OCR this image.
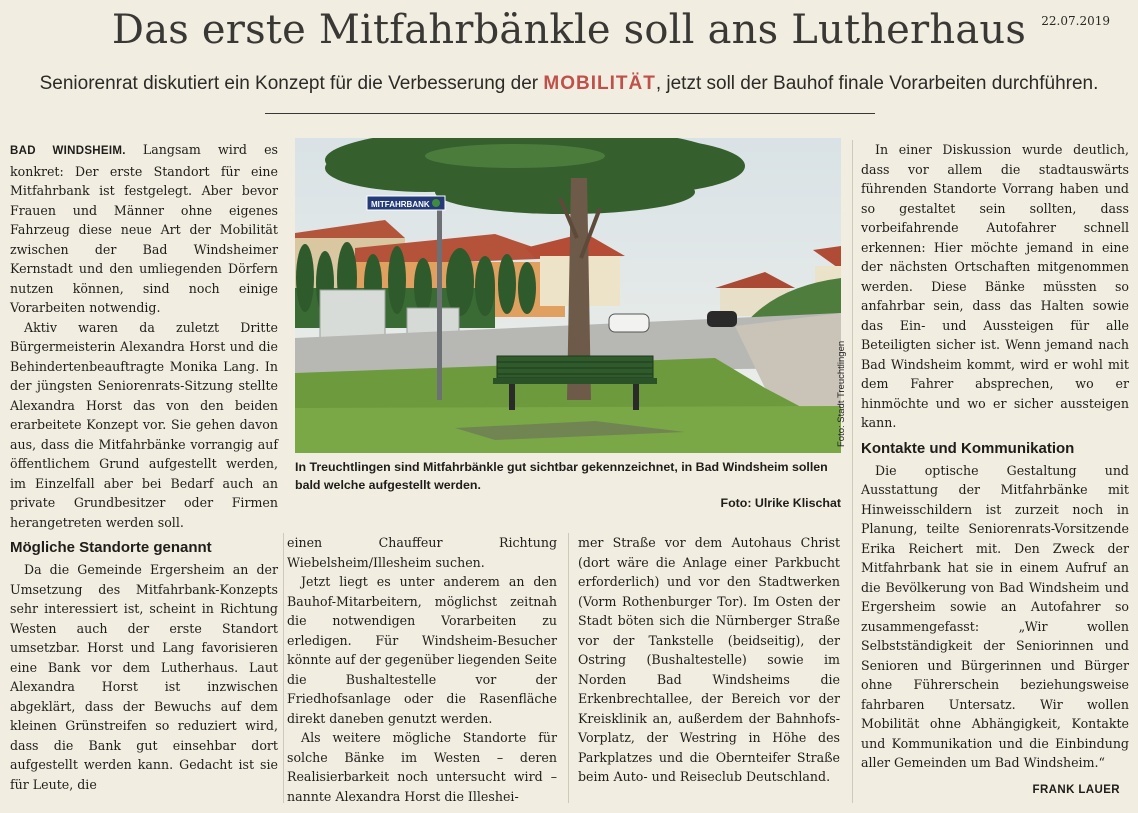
Das erste Mitfahrbänkle soll ans Lutherhaus	22.07.2019

Seniorenrat diskutiert ein Konzept für die Verbesserung der MOBILITÄT, jetzt soll der Bauhof finale Vorarbeiten durchführen.

BAD WINDSHEIM. Langsam wird es konkret: Der erste Standort für eine Mitfahrbank ist festgelegt. Aber bevor Frauen und Männer ohne eigenes Fahrzeug diese neue Art der Mobilität zwischen der Bad Windsheimer Kernstadt und den umliegenden Dörfern nutzen können, sind noch einige Vorarbeiten notwendig.

Aktiv waren da zuletzt Dritte Bürgermeisterin Alexandra Horst und die Behindertenbeauftragte Monika Lang. In der jüngsten Seniorenrats-Sitzung stellte Alexandra Horst das von den beiden erarbeitete Konzept vor. Sie gehen davon aus, dass die Mitfahrbänke vorrangig auf öffentlichem Grund aufgestellt werden, im Einzelfall aber bei Bedarf auch an private Grundbesitzer oder Firmen herangetreten werden soll.

Mögliche Standorte genannt

Da die Gemeinde Ergersheim an der Umsetzung des Mitfahrbank-Konzepts sehr interessiert ist, scheint in Richtung Westen auch der erste Standort umsetzbar. Horst und Lang favorisieren eine Bank vor dem Lutherhaus. Laut Alexandra Horst ist inzwischen abgeklärt, dass der Bewuchs auf dem kleinen Grünstreifen so reduziert wird, dass die Bank gut einsehbar dort aufgestellt werden kann. Gedacht ist sie für Leute, die

MITFAHRBANK
Foto: Stadt Treuchtlingen
In Treuchtlingen sind Mitfahrbänkle gut sichtbar gekennzeichnet, in Bad Windsheim sollen bald welche aufgestellt werden.
Foto: Ulrike Klischat

einen Chauffeur Richtung Wiebelsheim/Illesheim suchen.

Jetzt liegt es unter anderem an den Bauhof-Mitarbeitern, möglichst zeitnah die notwendigen Vorarbeiten zu erledigen. Für Windsheim-Besucher könnte auf der gegenüber liegenden Seite die Bushaltestelle vor der Friedhofsanlage oder die Rasenfläche direkt daneben genutzt werden.

Als weitere mögliche Standorte für solche Bänke im Westen – deren Realisierbarkeit noch untersucht wird – nannte Alexandra Horst die Illeshei-

mer Straße vor dem Autohaus Christ (dort wäre die Anlage einer Parkbucht erforderlich) und vor den Stadtwerken (Vorm Rothenburger Tor). Im Osten der Stadt böten sich die Nürnberger Straße vor der Tankstelle (beidseitig), der Ostring (Bushaltestelle) sowie im Norden Bad Windsheims die Erkenbrechtallee, der Bereich vor der Kreisklinik an, außerdem der Bahnhofs-Vorplatz, der Westring in Höhe des Parkplatzes und die Obernteifer Straße beim Auto- und Reiseclub Deutschland.

In einer Diskussion wurde deutlich, dass vor allem die stadtauswärts führenden Standorte Vorrang haben und so gestaltet sein sollten, dass vorbeifahrende Autofahrer schnell erkennen: Hier möchte jemand in eine der nächsten Ortschaften mitgenommen werden. Diese Bänke müssten so anfahrbar sein, dass das Halten sowie das Ein- und Aussteigen für alle Beteiligten sicher ist. Wenn jemand nach Bad Windsheim kommt, wird er wohl mit dem Fahrer absprechen, wo er hinmöchte und wo er sicher aussteigen kann.

Kontakte und Kommunikation

Die optische Gestaltung und Ausstattung der Mitfahrbänke mit Hinweisschildern ist zurzeit noch in Planung, teilte Seniorenrats-Vorsitzende Erika Reichert mit. Den Zweck der Mitfahrbank hat sie in einem Aufruf an die Bevölkerung von Bad Windsheim und Ergersheim sowie an Autofahrer so zusammengefasst: „Wir wollen Selbstständigkeit der Seniorinnen und Senioren und Bürgerinnen und Bürger ohne Führerschein beziehungsweise fahrbaren Untersatz. Wir wollen Mobilität ohne Abhängigkeit, Kontakte und Kommunikation und die Einbindung aller Gemeinden um Bad Windsheim.“

FRANK LAUER
